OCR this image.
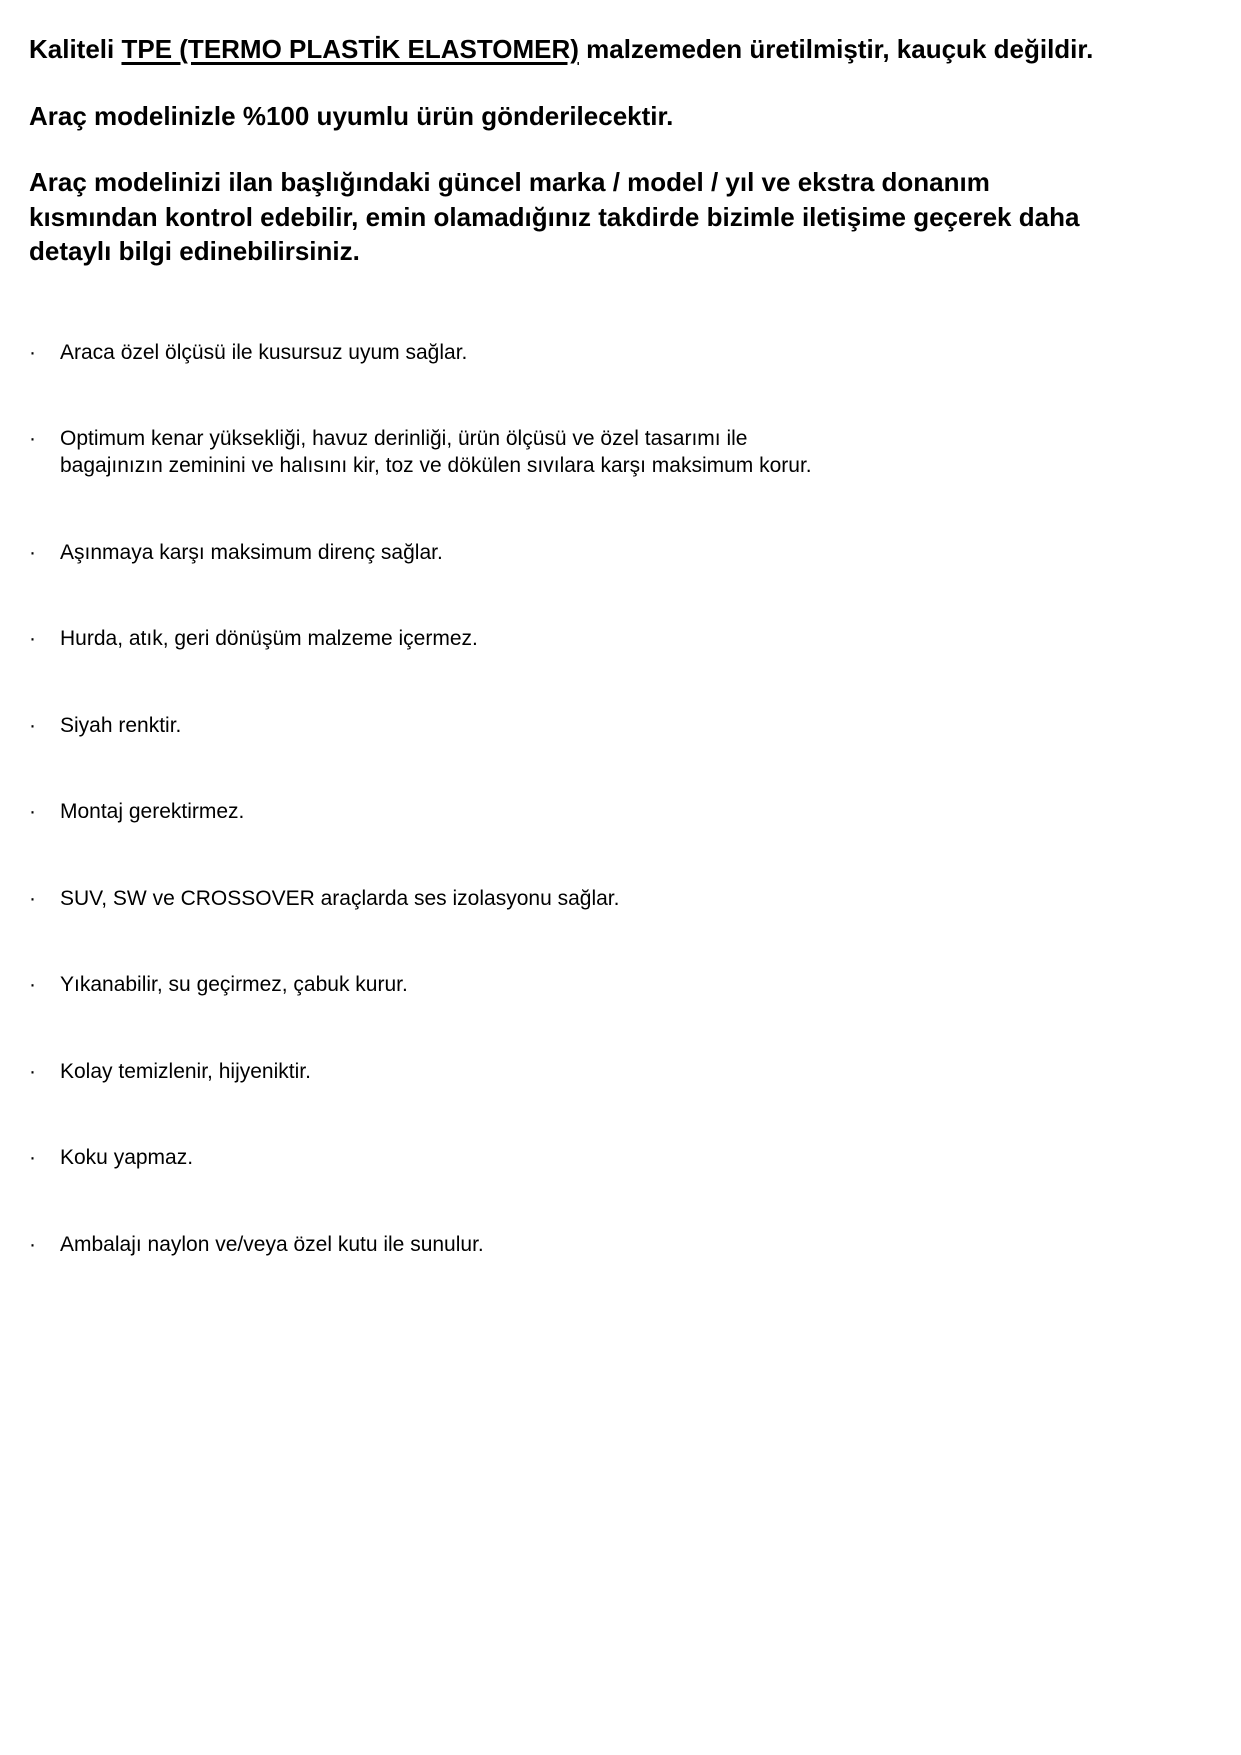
Kaliteli TPE (TERMO PLASTİK ELASTOMER) malzemeden üretilmiştir, kauçuk değildir.

Araç modelinizle %100 uyumlu ürün gönderilecektir.

Araç modelinizi ilan başlığındaki güncel marka / model / yıl ve ekstra donanım
kısmından kontrol edebilir, emin olamadığınız takdirde bizimle iletişime geçerek daha
detaylı bilgi edinebilirsiniz.
· Araca özel ölçüsü ile kusursuz uyum sağlar.
· Optimum kenar yüksekliği, havuz derinliği, ürün ölçüsü ve özel tasarımı ile
bagajınızın zeminini ve halısını kir, toz ve dökülen sıvılara karşı maksimum korur.
· Aşınmaya karşı maksimum direnç sağlar.
· Hurda, atık, geri dönüşüm malzeme içermez.
· Siyah renktir.
· Montaj gerektirmez.
· SUV, SW ve CROSSOVER araçlarda ses izolasyonu sağlar.
· Yıkanabilir, su geçirmez, çabuk kurur.
· Kolay temizlenir, hijyeniktir.
· Koku yapmaz.
· Ambalajı naylon ve/veya özel kutu ile sunulur.
